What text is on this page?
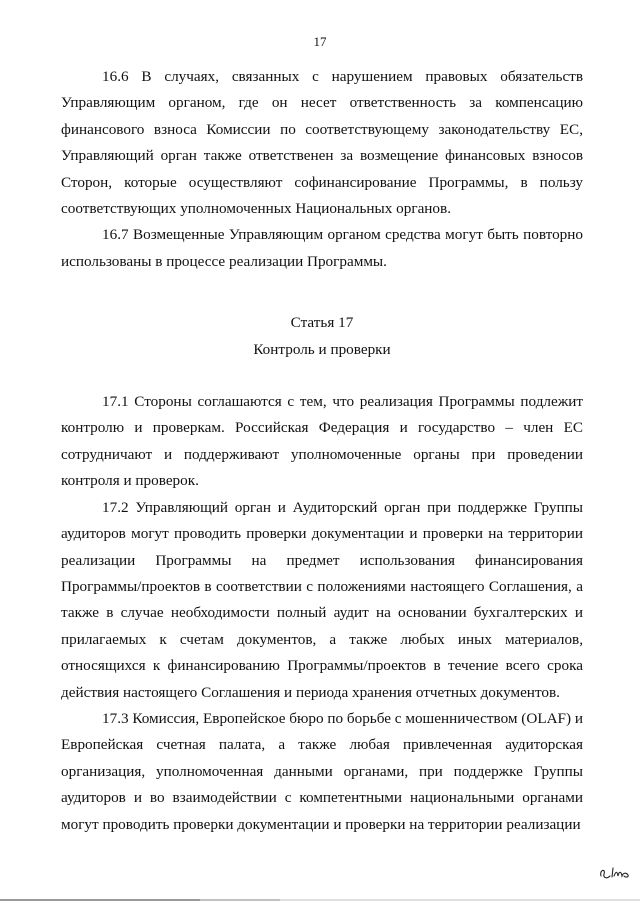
17

16.6 В случаях, связанных с нарушением правовых обязательств Управляющим органом, где он несет ответственность за компенсацию финансового взноса Комиссии по соответствующему законодательству ЕС, Управляющий орган также ответственен за возмещение финансовых взносов Сторон, которые осуществляют софинансирование Программы, в пользу соответствующих уполномоченных Национальных органов.

16.7 Возмещенные Управляющим органом средства могут быть повторно использованы в процессе реализации Программы.

Статья 17

Контроль и проверки

17.1 Стороны соглашаются с тем, что реализация Программы подлежит контролю и проверкам. Российская Федерация и государство – член ЕС сотрудничают и поддерживают уполномоченные органы при проведении контроля и проверок.

17.2 Управляющий орган и Аудиторский орган при поддержке Группы аудиторов могут проводить проверки документации и проверки на территории реализации Программы на предмет использования финансирования Программы/проектов в соответствии с положениями настоящего Соглашения, а также в случае необходимости полный аудит на основании бухгалтерских и прилагаемых к счетам документов, а также любых иных материалов, относящихся к финансированию Программы/проектов в течение всего срока действия настоящего Соглашения и периода хранения отчетных документов.

17.3 Комиссия, Европейское бюро по борьбе с мошенничеством (OLAF) и Европейская счетная палата, а также любая привлеченная аудиторская организация, уполномоченная данными органами, при поддержке Группы аудиторов и во взаимодействии с компетентными национальными органами могут проводить проверки документации и проверки на территории реализации
